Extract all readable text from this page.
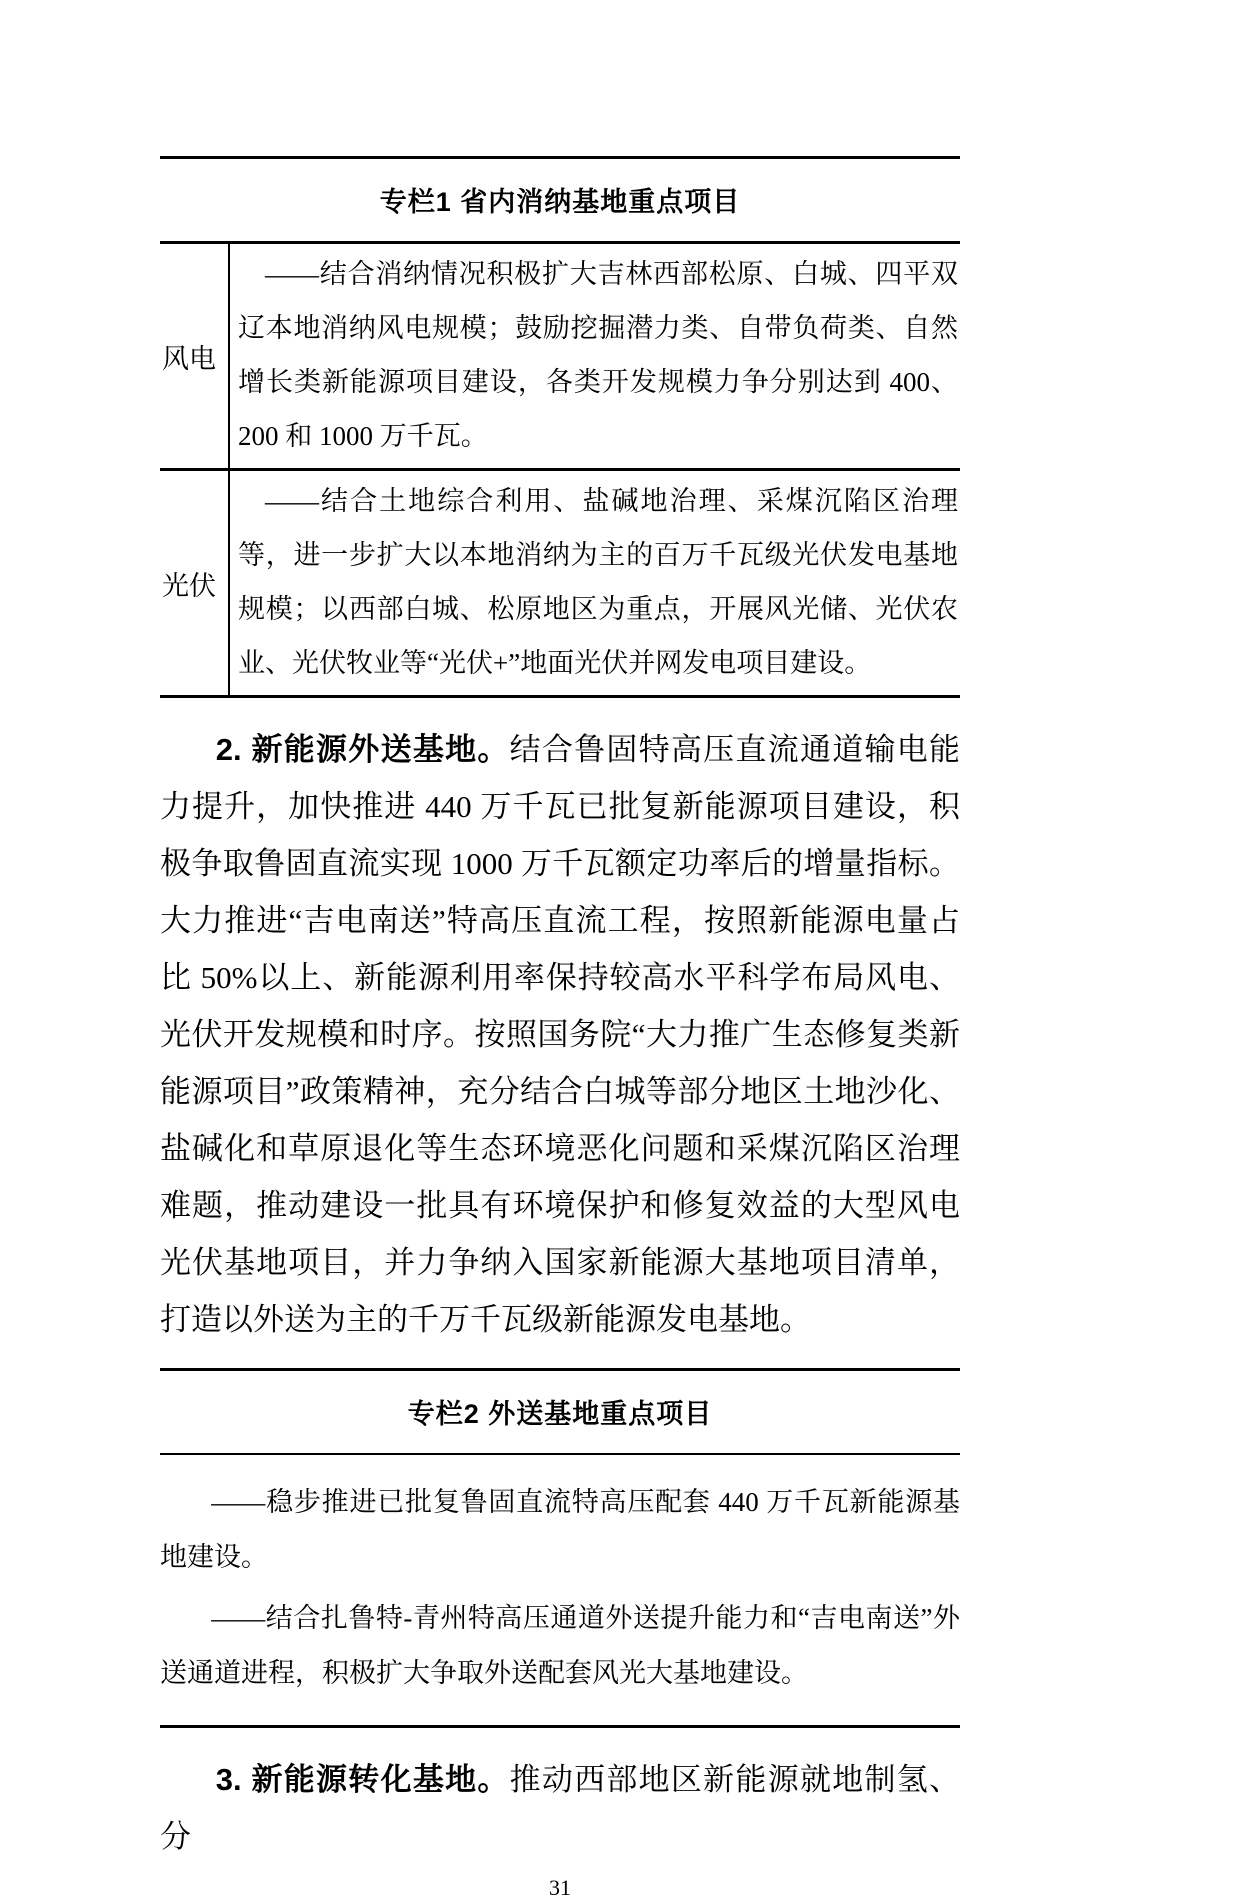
专栏1 省内消纳基地重点项目
风电
——结合消纳情况积极扩大吉林西部松原、白城、四平双辽本地消纳风电规模；鼓励挖掘潜力类、自带负荷类、自然增长类新能源项目建设，各类开发规模力争分别达到 400、200 和 1000 万千瓦。
光伏
——结合土地综合利用、盐碱地治理、采煤沉陷区治理等，进一步扩大以本地消纳为主的百万千瓦级光伏发电基地规模；以西部白城、松原地区为重点，开展风光储、光伏农业、光伏牧业等“光伏+”地面光伏并网发电项目建设。

2. 新能源外送基地。结合鲁固特高压直流通道输电能力提升，加快推进 440 万千瓦已批复新能源项目建设，积极争取鲁固直流实现 1000 万千瓦额定功率后的增量指标。大力推进“吉电南送”特高压直流工程，按照新能源电量占比 50%以上、新能源利用率保持较高水平科学布局风电、光伏开发规模和时序。按照国务院“大力推广生态修复类新能源项目”政策精神，充分结合白城等部分地区土地沙化、盐碱化和草原退化等生态环境恶化问题和采煤沉陷区治理难题，推动建设一批具有环境保护和修复效益的大型风电光伏基地项目，并力争纳入国家新能源大基地项目清单，打造以外送为主的千万千瓦级新能源发电基地。

专栏2 外送基地重点项目
——稳步推进已批复鲁固直流特高压配套 440 万千瓦新能源基地建设。
——结合扎鲁特-青州特高压通道外送提升能力和“吉电南送”外送通道进程，积极扩大争取外送配套风光大基地建设。

3. 新能源转化基地。推动西部地区新能源就地制氢、分

31
